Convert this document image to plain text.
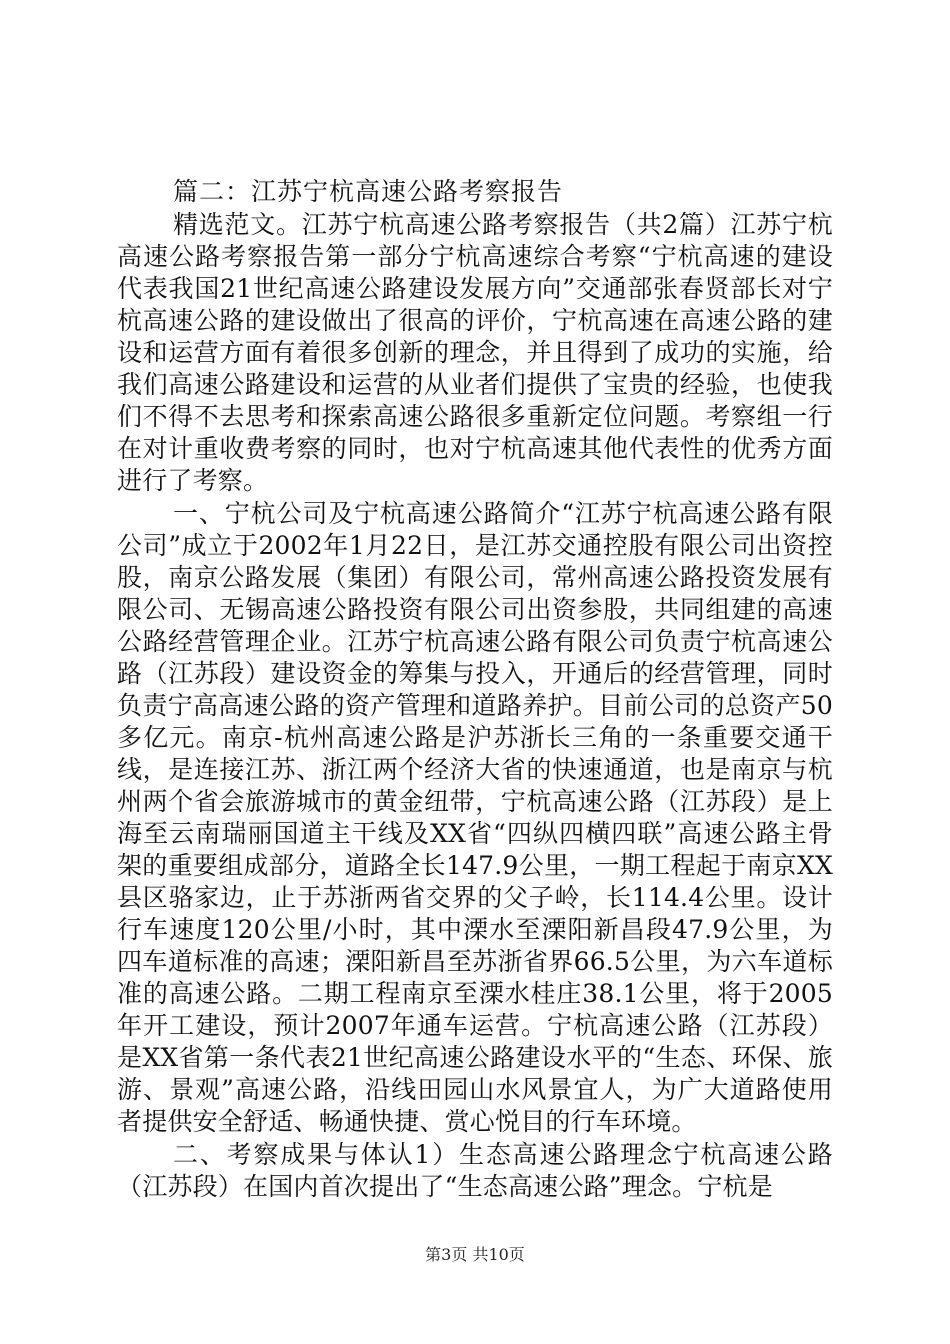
篇二：江苏宁杭高速公路考察报告

精选范文。江苏宁杭高速公路考察报告（共2篇）江苏宁杭高速公路考察报告第一部分宁杭高速综合考察“宁杭高速的建设代表我国21世纪高速公路建设发展方向”交通部张春贤部长对宁杭高速公路的建设做出了很高的评价，宁杭高速在高速公路的建设和运营方面有着很多创新的理念，并且得到了成功的实施，给我们高速公路建设和运营的从业者们提供了宝贵的经验，也使我们不得不去思考和探索高速公路很多重新定位问题。考察组一行在对计重收费考察的同时，也对宁杭高速其他代表性的优秀方面进行了考察。

一、宁杭公司及宁杭高速公路简介“江苏宁杭高速公路有限公司”成立于2002年1月22日，是江苏交通控股有限公司出资控股，南京公路发展（集团）有限公司，常州高速公路投资发展有限公司、无锡高速公路投资有限公司出资参股，共同组建的高速公路经营管理企业。江苏宁杭高速公路有限公司负责宁杭高速公路（江苏段）建设资金的筹集与投入，开通后的经营管理，同时负责宁高高速公路的资产管理和道路养护。目前公司的总资产50多亿元。南京-杭州高速公路是沪苏浙长三角的一条重要交通干线，是连接江苏、浙江两个经济大省的快速通道，也是南京与杭州两个省会旅游城市的黄金纽带，宁杭高速公路（江苏段）是上海至云南瑞丽国道主干线及XX省“四纵四横四联”高速公路主骨架的重要组成部分，道路全长147.9公里，一期工程起于南京XX县区骆家边，止于苏浙两省交界的父子岭，长114.4公里。设计行车速度120公里/小时，其中溧水至溧阳新昌段47.9公里，为四车道标准的高速；溧阳新昌至苏浙省界66.5公里，为六车道标准的高速公路。二期工程南京至溧水桂庄38.1公里，将于2005年开工建设，预计2007年通车运营。宁杭高速公路（江苏段）是XX省第一条代表21世纪高速公路建设水平的“生态、环保、旅游、景观”高速公路，沿线田园山水风景宜人，为广大道路使用者提供安全舒适、畅通快捷、赏心悦目的行车环境。

二、考察成果与体认1）生态高速公路理念宁杭高速公路（江苏段）在国内首次提出了“生态高速公路”理念。宁杭是

第3页 共10页
